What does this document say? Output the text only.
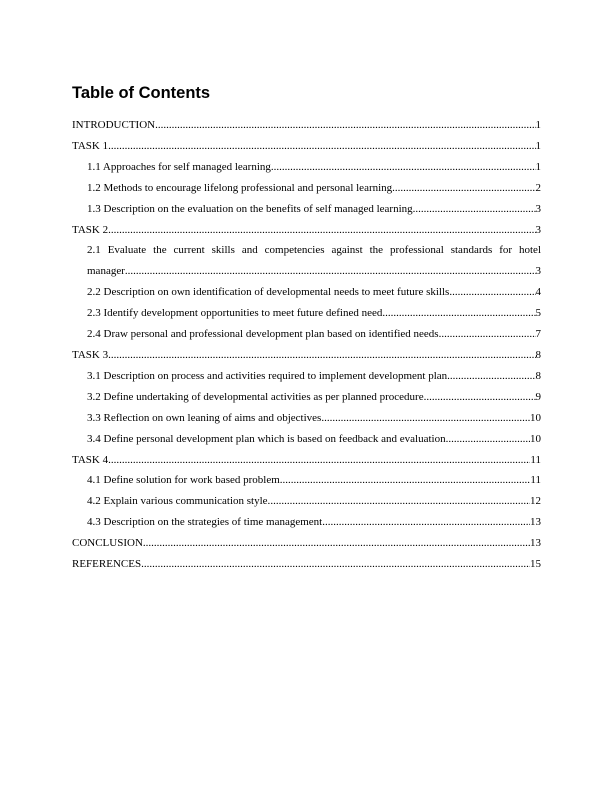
Table of Contents
INTRODUCTION .....	1
TASK 1 .....	1
1.1 Approaches for self managed learning .....	1
1.2 Methods to encourage lifelong professional and personal learning .....	2
1.3 Description on the evaluation on the benefits of self managed learning .....	3
TASK 2 .....	3
2.1 Evaluate the current skills and competencies against the professional standards for hotel
manager .....	3
2.2 Description on own identification of developmental needs to meet future skills .....	4
2.3 Identify development opportunities to meet future defined need .....	5
2.4 Draw personal and professional development plan based on identified needs .....	7
TASK 3 .....	8
3.1 Description on process and activities required to implement development plan .....	8
3.2 Define undertaking of developmental activities as per planned procedure .....	9
3.3 Reflection on own leaning of aims and objectives .....	10
3.4 Define personal development plan which is based on feedback and evaluation. .....	10
TASK 4 .....	11
4.1 Define solution for work based problem .....	11
4.2 Explain various communication style. .....	12
4.3 Description on the strategies of time management. .....	13
CONCLUSION .....	13
REFERENCES .....	15
